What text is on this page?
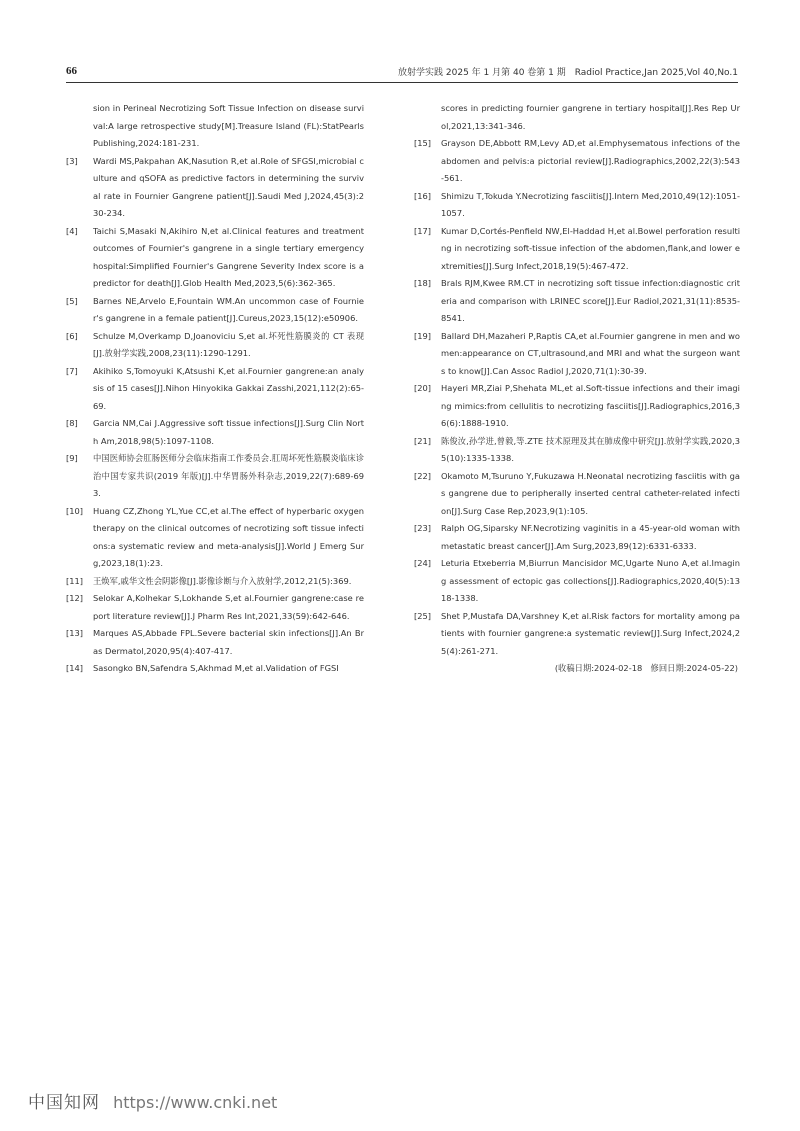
66	放射学实践 2025 年 1 月第 40 卷第 1 期　Radiol Practice,Jan 2025,Vol 40,No.1
sion in Perineal Necrotizing Soft Tissue Infection on disease survival:A large retrospective study[M].Treasure Island (FL):StatPearls Publishing,2024:181-231.
[3]	Wardi MS,Pakpahan AK,Nasution R,et al.Role of SFGSI,microbial culture and qSOFA as predictive factors in determining the survival rate in Fournier Gangrene patient[J].Saudi Med J,2024,45(3):230-234.
[4]	Taichi S,Masaki N,Akihiro N,et al.Clinical features and treatment outcomes of Fournier's gangrene in a single tertiary emergency hospital:Simplified Fournier's Gangrene Severity Index score is a predictor for death[J].Glob Health Med,2023,5(6):362-365.
[5]	Barnes NE,Arvelo E,Fountain WM.An uncommon case of Fournier's gangrene in a female patient[J].Cureus,2023,15(12):e50906.
[6]	Schulze M,Overkamp D,Joanoviciu S,et al.坏死性筋膜炎的 CT 表现[J].放射学实践,2008,23(11):1290-1291.
[7]	Akihiko S,Tomoyuki K,Atsushi K,et al.Fournier gangrene:an analysis of 15 cases[J].Nihon Hinyokika Gakkai Zasshi,2021,112(2):65-69.
[8]	Garcia NM,Cai J.Aggressive soft tissue infections[J].Surg Clin North Am,2018,98(5):1097-1108.
[9]	中国医师协会肛肠医师分会临床指南工作委员会.肛周坏死性筋膜炎临床诊治中国专家共识(2019 年版)[J].中华胃肠外科杂志,2019,22(7):689-693.
[10]	Huang CZ,Zhong YL,Yue CC,et al.The effect of hyperbaric oxygen therapy on the clinical outcomes of necrotizing soft tissue infections:a systematic review and meta-analysis[J].World J Emerg Surg,2023,18(1):23.
[11]	王焕军,戚华文性会阴影像[J].影像诊断与介入放射学,2012,21(5):369.
[12]	Selokar A,Kolhekar S,Lokhande S,et al.Fournier gangrene:case report literature review[J].J Pharm Res Int,2021,33(59):642-646.
[13]	Marques AS,Abbade FPL.Severe bacterial skin infections[J].An Bras Dermatol,2020,95(4):407-417.
[14]	Sasongko BN,Safendra S,Akhmad M,et al.Validation of FGSI
scores in predicting fournier gangrene in tertiary hospital[J].Res Rep Urol,2021,13:341-346.
[15]	Grayson DE,Abbott RM,Levy AD,et al.Emphysematous infections of the abdomen and pelvis:a pictorial review[J].Radiographics,2002,22(3):543-561.
[16]	Shimizu T,Tokuda Y.Necrotizing fasciitis[J].Intern Med,2010,49(12):1051-1057.
[17]	Kumar D,Cortés-Penfield NW,El-Haddad H,et al.Bowel perforation resulting in necrotizing soft-tissue infection of the abdomen,flank,and lower extremities[J].Surg Infect,2018,19(5):467-472.
[18]	Brals RJM,Kwee RM.CT in necrotizing soft tissue infection:diagnostic criteria and comparison with LRINEC score[J].Eur Radiol,2021,31(11):8535-8541.
[19]	Ballard DH,Mazaheri P,Raptis CA,et al.Fournier gangrene in men and women:appearance on CT,ultrasound,and MRI and what the surgeon wants to know[J].Can Assoc Radiol J,2020,71(1):30-39.
[20]	Hayeri MR,Ziai P,Shehata ML,et al.Soft-tissue infections and their imaging mimics:from cellulitis to necrotizing fasciitis[J].Radiographics,2016,36(6):1888-1910.
[21]	陈俊汝,孙学进,曾毅,等.ZTE 技术原理及其在肺成像中研究[J].放射学实践,2020,35(10):1335-1338.
[22]	Okamoto M,Tsuruno Y,Fukuzawa H.Neonatal necrotizing fasciitis with gas gangrene due to peripherally inserted central catheter-related infection[J].Surg Case Rep,2023,9(1):105.
[23]	Ralph OG,Siparsky NF.Necrotizing vaginitis in a 45-year-old woman with metastatic breast cancer[J].Am Surg,2023,89(12):6331-6333.
[24]	Leturia Etxeberria M,Biurrun Mancisidor MC,Ugarte Nuno A,et al.Imaging assessment of ectopic gas collections[J].Radiographics,2020,40(5):1318-1338.
[25]	Shet P,Mustafa DA,Varshney K,et al.Risk factors for mortality among patients with fournier gangrene:a systematic review[J].Surg Infect,2024,25(4):261-271.
(收稿日期:2024-02-18　修回日期:2024-05-22)
中国知网 https://www.cnki.net
